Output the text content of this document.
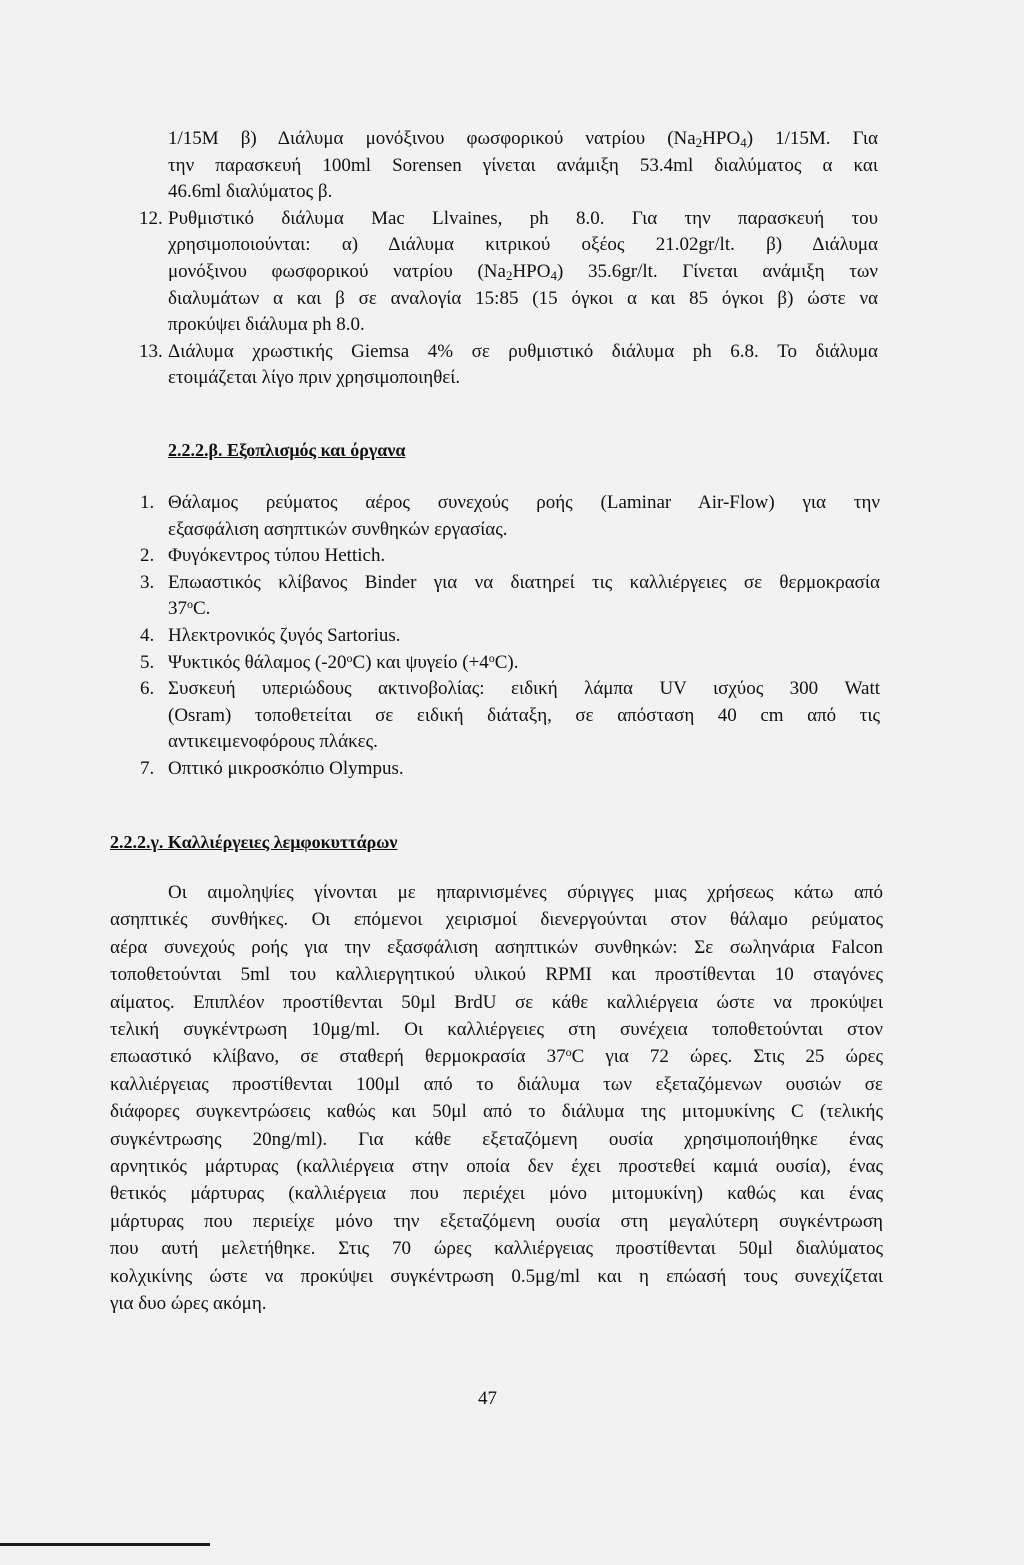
1/15M β) Διάλυμα μονόξινου φωσφορικού νατρίου $(Na_2HPO_4)$ 1/15M. Για
την παρασκευή 100ml Sorensen γίνεται ανάμιξη 53.4ml διαλύματος α και
46.6ml διαλύματος β.
12. Ρυθμιστικό διάλυμα Mac Llvaines, ph 8.0. Για την παρασκευή του
χρησιμοποιούνται: α) Διάλυμα κιτρικού οξέος 21.02gr/lt. β) Διάλυμα
μονόξινου φωσφορικού νατρίου $(Na_2HPO_4)$ 35.6gr/lt. Γίνεται ανάμιξη των
διαλυμάτων α και β σε αναλογία 15:85 (15 όγκοι α και 85 όγκοι β) ώστε να
προκύψει διάλυμα ph 8.0.
13. Διάλυμα χρωστικής Giemsa 4% σε ρυθμιστικό διάλυμα ph 6.8. Το διάλυμα
ετοιμάζεται λίγο πριν χρησιμοποιηθεί.
2.2.2.β. Εξοπλισμός και όργανα
1. Θάλαμος ρεύματος αέρος συνεχούς ροής (Laminar Air-Flow) για την
εξασφάλιση ασηπτικών συνθηκών εργασίας.
2. Φυγόκεντρος τύπου Hettich.
3. Επωαστικός κλίβανος Binder για να διατηρεί τις καλλιέργειες σε θερμοκρασία
37$^o$C.
4. Ηλεκτρονικός ζυγός Sartorius.
5. Ψυκτικός θάλαμος (-20$^o$C) και ψυγείο $(+4^oC)$.
6. Συσκευή υπεριώδους ακτινοβολίας: ειδική λάμπα UV ισχύος 300 Watt
(Osram) τοποθετείται σε ειδική διάταξη, σε απόσταση 40 cm από τις
αντικειμενοφόρους πλάκες.
7. Οπτικό μικροσκόπιο Olympus.
2.2.2.γ. Καλλιέργειες λεμφοκυττάρων
Οι αιμοληψίες γίνονται με ηπαρινισμένες σύριγγες μιας χρήσεως κάτω από
ασηπτικές συνθήκες. Οι επόμενοι χειρισμοί διενεργούνται στον θάλαμο ρεύματος
αέρα συνεχούς ροής για την εξασφάλιση ασηπτικών συνθηκών: Σε σωληνάρια Falcon
τοποθετούνται 5ml του καλλιεργητικού υλικού RPMI και προστίθενται 10 σταγόνες
αίματος. Επιπλέον προστίθενται 50μl BrdU σε κάθε καλλιέργεια ώστε να προκύψει
τελική συγκέντρωση 10μg/ml. Οι καλλιέργειες στη συνέχεια τοποθετούνται στον
επωαστικό κλίβανο, σε σταθερή θερμοκρασία 37$^o$C για 72 ώρες. Στις 25 ώρες
καλλιέργειας προστίθενται 100μl από το διάλυμα των εξεταζόμενων ουσιών σε
διάφορες συγκεντρώσεις καθώς και 50μl από το διάλυμα της μιτομυκίνης C (τελικής
συγκέντρωσης 20ng/ml). Για κάθε εξεταζόμενη ουσία χρησιμοποιήθηκε ένας
αρνητικός μάρτυρας (καλλιέργεια στην οποία δεν έχει προστεθεί καμιά ουσία), ένας
θετικός μάρτυρας (καλλιέργεια που περιέχει μόνο μιτομυκίνη) καθώς και ένας
μάρτυρας που περιείχε μόνο την εξεταζόμενη ουσία στη μεγαλύτερη συγκέντρωση
που αυτή μελετήθηκε. Στις 70 ώρες καλλιέργειας προστίθενται 50μl διαλύματος
κολχικίνης ώστε να προκύψει συγκέντρωση 0.5μg/ml και η επώασή τους συνεχίζεται
για δυο ώρες ακόμη.
47
